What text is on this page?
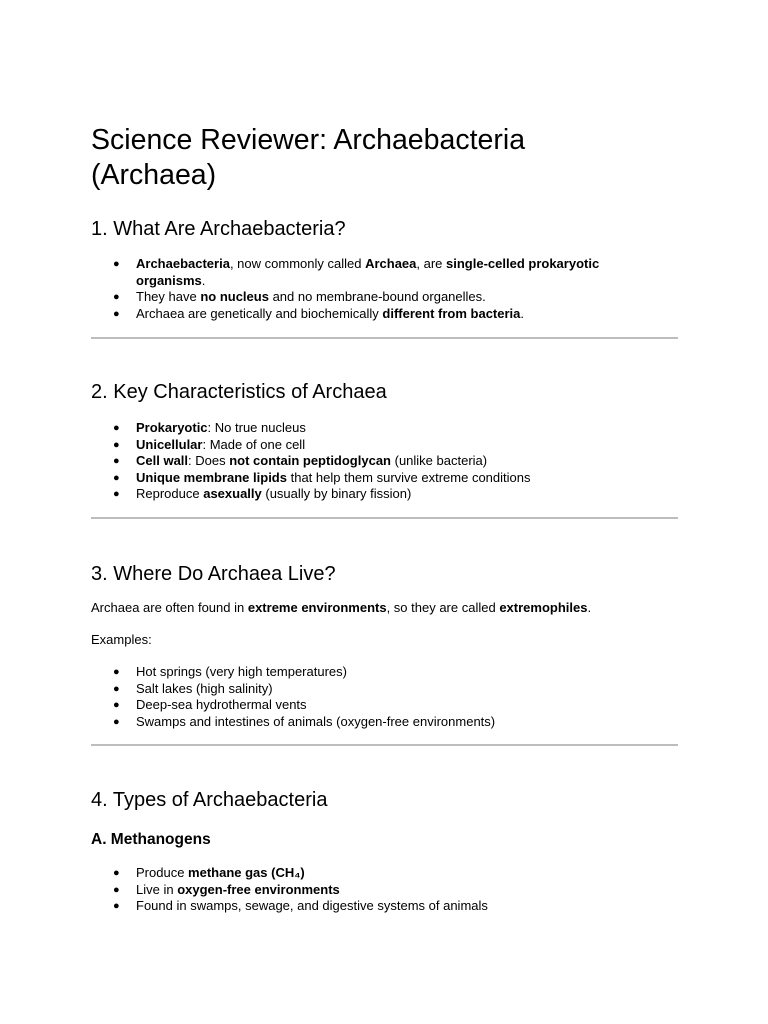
Science Reviewer: Archaebacteria (Archaea)
1. What Are Archaebacteria?
● Archaebacteria, now commonly called Archaea, are single-celled prokaryotic organisms.
● They have no nucleus and no membrane-bound organelles.
● Archaea are genetically and biochemically different from bacteria.
2. Key Characteristics of Archaea
● Prokaryotic: No true nucleus
● Unicellular: Made of one cell
● Cell wall: Does not contain peptidoglycan (unlike bacteria)
● Unique membrane lipids that help them survive extreme conditions
● Reproduce asexually (usually by binary fission)
3. Where Do Archaea Live?

Archaea are often found in extreme environments, so they are called extremophiles.

Examples:

● Hot springs (very high temperatures)
● Salt lakes (high salinity)
● Deep-sea hydrothermal vents
● Swamps and intestines of animals (oxygen-free environments)
4. Types of Archaebacteria
A. Methanogens
● Produce methane gas (CH₄)
● Live in oxygen-free environments
● Found in swamps, sewage, and digestive systems of animals
